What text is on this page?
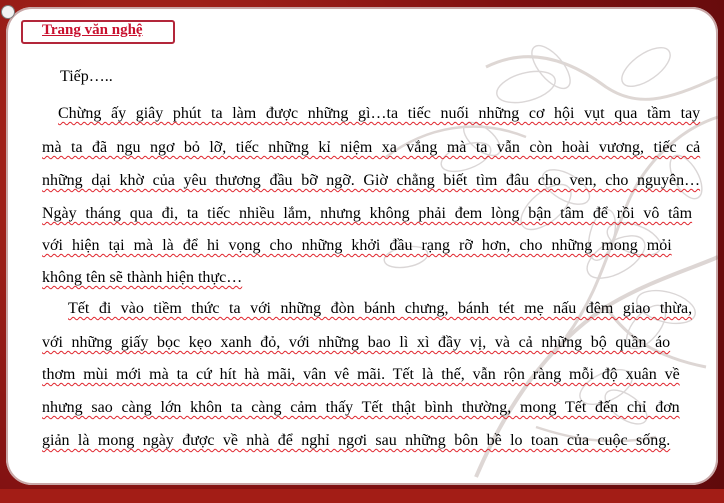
Trang văn nghệ
Tiếp…..
Chừng ấy giây phút ta làm được những gì…ta tiếc nuối những cơ hội vụt qua tầm tay
mà ta đã ngu ngơ bỏ lỡ, tiếc những kỉ niệm xa vắng mà ta vẫn còn hoài vương, tiếc cả
những dại khờ của yêu thương đầu bỡ ngỡ. Giờ chẳng biết tìm đâu cho ven, cho nguyên…
Ngày tháng qua đi, ta tiếc nhiều lắm, nhưng không phải đem lòng bận tâm để rồi vô tâm
với hiện tại mà là để hi vọng cho những khởi đầu rạng rỡ hơn, cho những mong mỏi
không tên sẽ thành hiện thực…
Tết đi vào tiềm thức ta với những đòn bánh chưng, bánh tét mẹ nấu đêm giao thừa,
với những giấy bọc kẹo xanh đỏ, với những bao lì xì đầy vị, và cả những bộ quần áo
thơm mùi mới mà ta cứ hít hà mãi, vân vê mãi. Tết là thế, vẫn rộn ràng mỗi độ xuân về
nhưng sao càng lớn khôn ta càng cảm thấy Tết thật bình thường, mong Tết đến chỉ đơn
giản là mong ngày được về nhà để nghỉ ngơi sau những bôn bề lo toan của cuộc sống.
